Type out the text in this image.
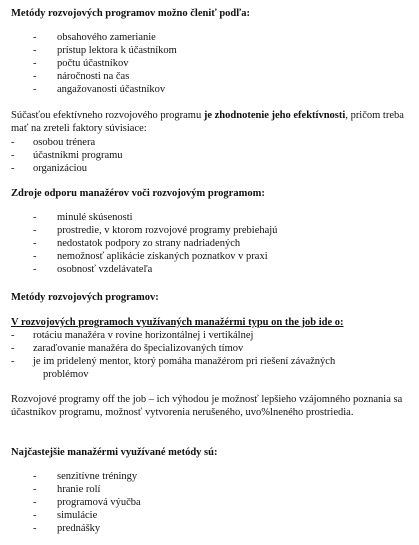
Metódy rozvojových programov možno členiť podľa:

- obsahového zamerianie
- prístup lektora k účastníkom
- počtu účastníkov
- náročnosti na čas
- angažovanosti účastníkov

Súčasťou efektívneho rozvojového programu je zhodnotenie jeho efektívnosti, pričom treba mať na zreteli faktory súvisiace:

- osobou trénera
- účastníkmi programu
- organizáciou

Zdroje odporu manažérov voči rozvojovým programom:

- minulé skúsenosti
- prostredie, v ktorom rozvojové programy prebiehajú
- nedostatok podpory zo strany nadriadených
- nemožnosť aplikácie získaných poznatkov v praxi
- osobnosť vzdelávateľa

Metódy rozvojových programov:

V rozvojových programoch využívaných manažérmi typu on the job ide o:

- rotáciu manažéra v rovine horizontálnej i vertikálnej
- zaraďovanie manažéra do špecializovaných tímov
- je im pridelený mentor, ktorý pomáha manažérom pri riešení závažných problémov

Rozvojové programy off the job – ich výhodou je možnosť lepšieho vzájomného poznania sa účastníkov programu, možnosť vytvorenia nerušeného, uvo%lneného prostriedia.

Najčastejšie manažérmi využívané metódy sú:

- senzitívne tréningy
- hranie rolí
- programová výučba
- simulácie
- prednášky
